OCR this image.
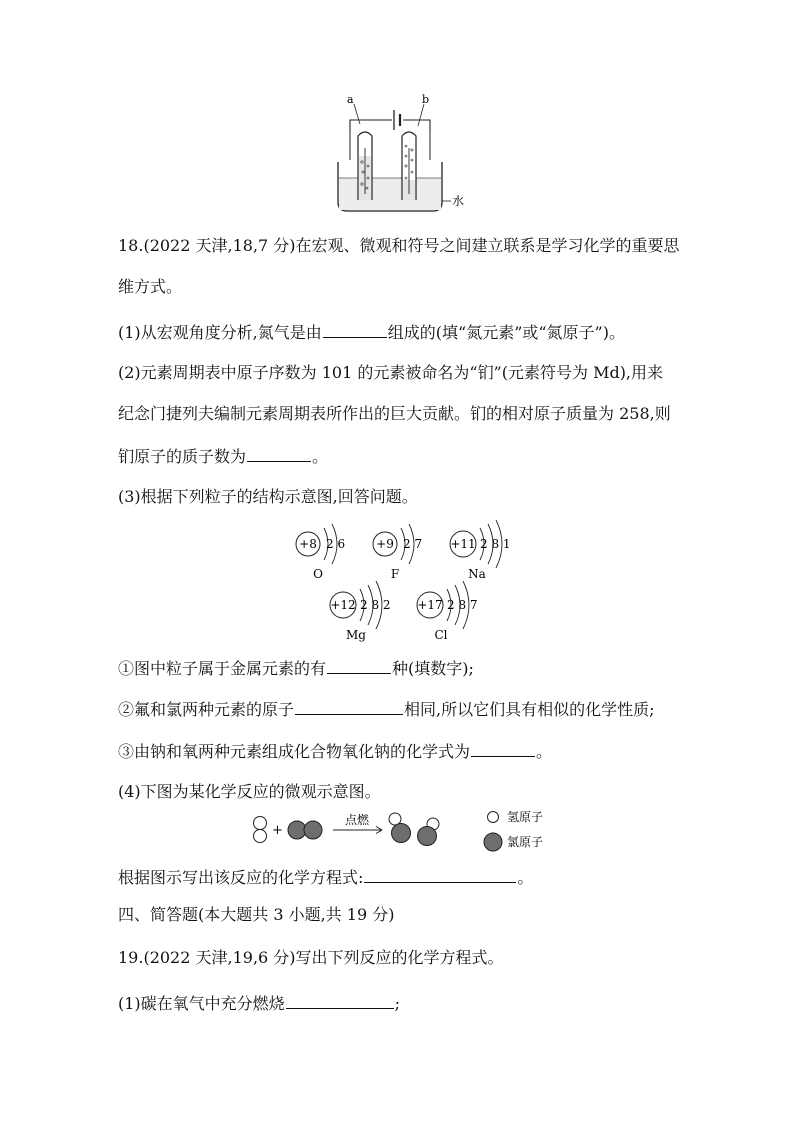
a	b
水
18.(2022 天津,18,7 分)在宏观、微观和符号之间建立联系是学习化学的重要思
维方式。
(1)从宏观角度分析,氮气是由	组成的(填“氮元素”或“氮原子”)。
(2)元素周期表中原子序数为 101 的元素被命名为“钔”(元素符号为 Md),用来
纪念门捷列夫编制元素周期表所作出的巨大贡献。钔的相对原子质量为 258,则
钔原子的质子数为	。
(3)根据下列粒子的结构示意图,回答问题。
+8 2 6
O
+9 2 7
F
+11 2 8 1
Na
+12 2 8 2
Mg
+17 2 8 7
Cl
①图中粒子属于金属元素的有	种(填数字);
②氟和氯两种元素的原子	相同,所以它们具有相似的化学性质;
③由钠和氧两种元素组成化合物氧化钠的化学式为	。
(4)下图为某化学反应的微观示意图。
+
点燃	氢原子
氯原子
根据图示写出该反应的化学方程式:	。
四、简答题(本大题共 3 小题,共 19 分)
19.(2022 天津,19,6 分)写出下列反应的化学方程式。
(1)碳在氧气中充分燃烧	;
